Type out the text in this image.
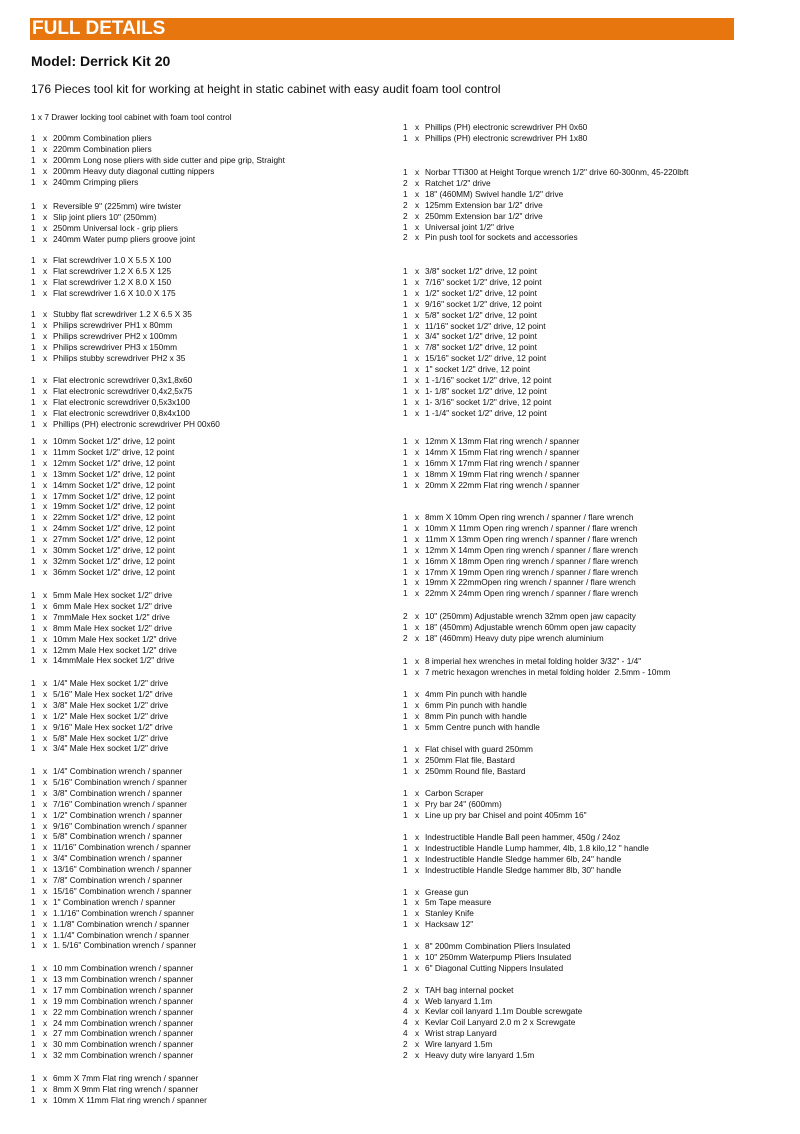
FULL DETAILS
Model: Derrick Kit 20
176 Pieces tool kit for working at height in static cabinet with easy audit foam tool control
1 x 7 Drawer locking tool cabinet with foam tool control
1 x 200mm Combination pliers
1 x 220mm Combination pliers
1 x 200mm Long nose pliers with side cutter and pipe grip, Straight
1 x 200mm Heavy duty diagonal cutting nippers
1 x 240mm Crimping pliers
1 x Reversible 9" (225mm) wire twister
1 x Slip joint pliers 10" (250mm)
1 x 250mm Universal lock - grip pliers
1 x 240mm Water pump pliers groove joint
1 x Flat screwdriver 1.0 X 5.5 X 100
1 x Flat screwdriver 1.2 X 6.5 X 125
1 x Flat screwdriver 1.2 X 8.0 X 150
1 x Flat screwdriver 1.6 X 10.0 X 175
1 x Stubby flat screwdriver 1.2 X 6.5 X 35
1 x Philips screwdriver PH1 x 80mm
1 x Philips screwdriver PH2 x 100mm
1 x Philips screwdriver PH3 x 150mm
1 x Philips stubby screwdriver PH2 x 35
1 x Flat electronic screwdriver 0,3x1,8x60
1 x Flat electronic screwdriver 0,4x2,5x75
1 x Flat electronic screwdriver 0,5x3x100
1 x Flat electronic screwdriver 0,8x4x100
1 x Phillips (PH) electronic screwdriver PH 00x60
1 x 10mm Socket 1/2" drive, 12 point
1 x 11mm Socket 1/2" drive, 12 point
1 x 12mm Socket 1/2" drive, 12 point
1 x 13mm Socket 1/2" drive, 12 point
1 x 14mm Socket 1/2" drive, 12 point
1 x 17mm Socket 1/2" drive, 12 point
1 x 19mm Socket 1/2" drive, 12 point
1 x 22mm Socket 1/2" drive, 12 point
1 x 24mm Socket 1/2" drive, 12 point
1 x 27mm Socket 1/2" drive, 12 point
1 x 30mm Socket 1/2" drive, 12 point
1 x 32mm Socket 1/2" drive, 12 point
1 x 36mm Socket 1/2" drive, 12 point
1 x 5mm Male Hex socket 1/2" drive
1 x 6mm Male Hex socket 1/2" drive
1 x 7mmMale Hex socket 1/2" drive
1 x 8mm Male Hex socket 1/2" drive
1 x 10mm Male Hex socket 1/2" drive
1 x 12mm Male Hex socket 1/2" drive
1 x 14mmMale Hex socket 1/2" drive
1 x 1/4" Male Hex socket 1/2" drive
1 x 5/16" Male Hex socket 1/2" drive
1 x 3/8" Male Hex socket 1/2" drive
1 x 1/2" Male Hex socket 1/2" drive
1 x 9/16" Male Hex socket 1/2" drive
1 x 5/8" Male Hex socket 1/2" drive
1 x 3/4" Male Hex socket 1/2" drive
1 x 1/4" Combination wrench / spanner
1 x 5/16" Combination wrench / spanner
1 x 3/8" Combination wrench / spanner
1 x 7/16" Combination wrench / spanner
1 x 1/2" Combination wrench / spanner
1 x 9/16" Combination wrench / spanner
1 x 5/8" Combination wrench / spanner
1 x 11/16" Combination wrench / spanner
1 x 3/4" Combination wrench / spanner
1 x 13/16" Combination wrench / spanner
1 x 7/8" Combination wrench / spanner
1 x 15/16" Combination wrench / spanner
1 x 1" Combination wrench / spanner
1 x 1.1/16" Combination wrench / spanner
1 x 1.1/8" Combination wrench / spanner
1 x 1.1/4" Combination wrench / spanner
1 x 1. 5/16" Combination wrench / spanner
1 x 10 mm Combination wrench / spanner
1 x 13 mm Combination wrench / spanner
1 x 17 mm Combination wrench / spanner
1 x 19 mm Combination wrench / spanner
1 x 22 mm Combination wrench / spanner
1 x 24 mm Combination wrench / spanner
1 x 27 mm Combination wrench / spanner
1 x 30 mm Combination wrench / spanner
1 x 32 mm Combination wrench / spanner
1 x 6mm X 7mm Flat ring wrench / spanner
1 x 8mm X 9mm Flat ring wrench / spanner
1 x 10mm X 11mm Flat ring wrench / spanner
1 x Phillips (PH) electronic screwdriver PH 0x60
1 x Phillips (PH) electronic screwdriver PH 1x80
1 x Norbar TTi300 at Height Torque wrench 1/2" drive 60-300nm, 45-220lbft
2 x Ratchet 1/2" drive
1 x 18" (460MM) Swivel handle 1/2" drive
2 x 125mm Extension bar 1/2" drive
2 x 250mm Extension bar 1/2" drive
1 x Universal joint 1/2" drive
2 x Pin push tool for sockets and accessories
1 x 3/8" socket 1/2" drive, 12 point
1 x 7/16" socket 1/2" drive, 12 point
1 x 1/2" socket 1/2" drive, 12 point
1 x 9/16" socket 1/2" drive, 12 point
1 x 5/8" socket 1/2" drive, 12 point
1 x 11/16" socket 1/2" drive, 12 point
1 x 3/4" socket 1/2" drive, 12 point
1 x 7/8" socket 1/2" drive, 12 point
1 x 15/16" socket 1/2" drive, 12 point
1 x 1" socket 1/2" drive, 12 point
1 x 1 -1/16" socket 1/2" drive, 12 point
1 x 1- 1/8" socket 1/2" drive, 12 point
1 x 1- 3/16" socket 1/2" drive, 12 point
1 x 1 -1/4" socket 1/2" drive, 12 point
1 x 12mm X 13mm Flat ring wrench / spanner
1 x 14mm X 15mm Flat ring wrench / spanner
1 x 16mm X 17mm Flat ring wrench / spanner
1 x 18mm X 19mm Flat ring wrench / spanner
1 x 20mm X 22mm Flat ring wrench / spanner
1 x 8mm X 10mm Open ring wrench / spanner / flare wrench
1 x 10mm X 11mm Open ring wrench / spanner / flare wrench
1 x 11mm X 13mm Open ring wrench / spanner / flare wrench
1 x 12mm X 14mm Open ring wrench / spanner / flare wrench
1 x 16mm X 18mm Open ring wrench / spanner / flare wrench
1 x 17mm X 19mm Open ring wrench / spanner / flare wrench
1 x 19mm X 22mmOpen ring wrench / spanner / flare wrench
1 x 22mm X 24mm Open ring wrench / spanner / flare wrench
2 x 10" (250mm) Adjustable wrench 32mm open jaw capacity
1 x 18" (450mm) Adjustable wrench 60mm open jaw capacity
2 x 18" (460mm) Heavy duty pipe wrench aluminium
1 x 8 imperial hex wrenches in metal folding holder 3/32" - 1/4"
1 x 7 metric hexagon wrenches in metal folding holder  2.5mm - 10mm
1 x 4mm Pin punch with handle
1 x 6mm Pin punch with handle
1 x 8mm Pin punch with handle
1 x 5mm Centre punch with handle
1 x Flat chisel with guard 250mm
1 x 250mm Flat file, Bastard
1 x 250mm Round file, Bastard
1 x Carbon Scraper
1 x Pry bar 24" (600mm)
1 x Line up pry bar Chisel and point 405mm 16"
1 x Indestructible Handle Ball peen hammer, 450g / 24oz
1 x Indestructible Handle Lump hammer, 4lb, 1.8 kilo,12 " handle
1 x Indestructible Handle Sledge hammer 6lb, 24" handle
1 x Indestructible Handle Sledge hammer 8lb, 30" handle
1 x Grease gun
1 x 5m Tape measure
1 x Stanley Knife
1 x Hacksaw 12"
1 x 8" 200mm Combination Pliers Insulated
1 x 10" 250mm Waterpump Pliers Insulated
1 x 6" Diagonal Cutting Nippers Insulated
2 x TAH bag internal pocket
4 x Web lanyard 1.1m
4 x Kevlar coil lanyard 1.1m Double screwgate
4 x Kevlar Coil Lanyard 2.0 m 2 x Screwgate
4 x Wrist strap Lanyard
2 x Wire lanyard 1.5m
2 x Heavy duty wire lanyard 1.5m
